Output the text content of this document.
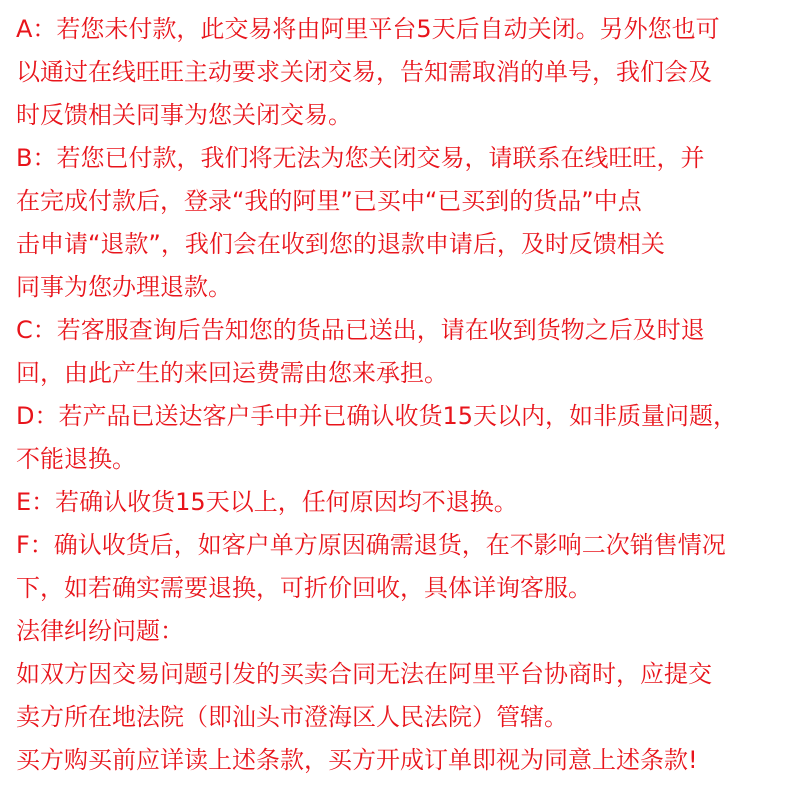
A：若您未付款，此交易将由阿里平台5天后自动关闭。另外您也可
以通过在线旺旺主动要求关闭交易，告知需取消的单号，我们会及
时反馈相关同事为您关闭交易。
B：若您已付款，我们将无法为您关闭交易，请联系在线旺旺，并
在完成付款后，登录“我的阿里”已买中“已买到的货品”中点
击申请“退款”，我们会在收到您的退款申请后，及时反馈相关
同事为您办理退款。
C：若客服查询后告知您的货品已送出，请在收到货物之后及时退
回，由此产生的来回运费需由您来承担。
D：若产品已送达客户手中并已确认收货15天以内，如非质量问题，
不能退换。
E：若确认收货15天以上，任何原因均不退换。
F：确认收货后，如客户单方原因确需退货，在不影响二次销售情况
下，如若确实需要退换，可折价回收，具体详询客服。
法律纠纷问题：
如双方因交易问题引发的买卖合同无法在阿里平台协商时，应提交
卖方所在地法院（即汕头市澄海区人民法院）管辖。
买方购买前应详读上述条款，买方开成订单即视为同意上述条款!
